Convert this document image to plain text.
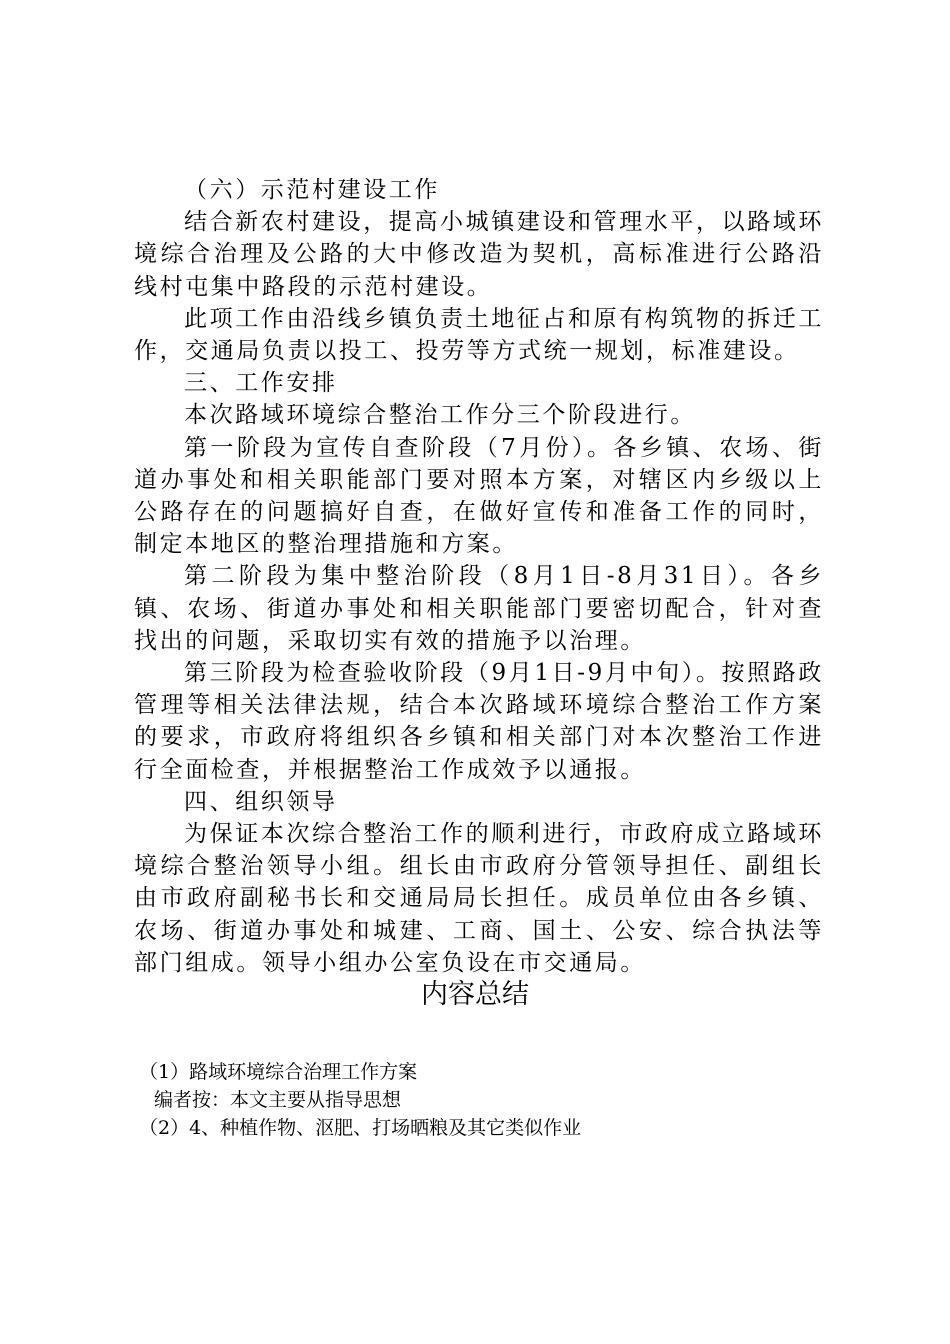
（六）示范村建设工作

结合新农村建设，提高小城镇建设和管理水平，以路域环境综合治理及公路的大中修改造为契机，高标准进行公路沿线村屯集中路段的示范村建设。

此项工作由沿线乡镇负责土地征占和原有构筑物的拆迁工作，交通局负责以投工、投劳等方式统一规划，标准建设。

三、工作安排

本次路域环境综合整治工作分三个阶段进行。

第一阶段为宣传自查阶段（7月份）。各乡镇、农场、街道办事处和相关职能部门要对照本方案，对辖区内乡级以上公路存在的问题搞好自查，在做好宣传和准备工作的同时，制定本地区的整治理措施和方案。

第二阶段为集中整治阶段（8月1日-8月31日）。各乡镇、农场、街道办事处和相关职能部门要密切配合，针对查找出的问题，采取切实有效的措施予以治理。

第三阶段为检查验收阶段（9月1日-9月中旬）。按照路政管理等相关法律法规，结合本次路域环境综合整治工作方案的要求，市政府将组织各乡镇和相关部门对本次整治工作进行全面检查，并根据整治工作成效予以通报。

四、组织领导

为保证本次综合整治工作的顺利进行，市政府成立路域环境综合整治领导小组。组长由市政府分管领导担任、副组长由市政府副秘书长和交通局局长担任。成员单位由各乡镇、农场、街道办事处和城建、工商、国土、公安、综合执法等部门组成。领导小组办公室负设在市交通局。

内容总结
（1）路域环境综合治理工作方案
编者按：本文主要从指导思想
（2）4、种植作物、沤肥、打场晒粮及其它类似作业
